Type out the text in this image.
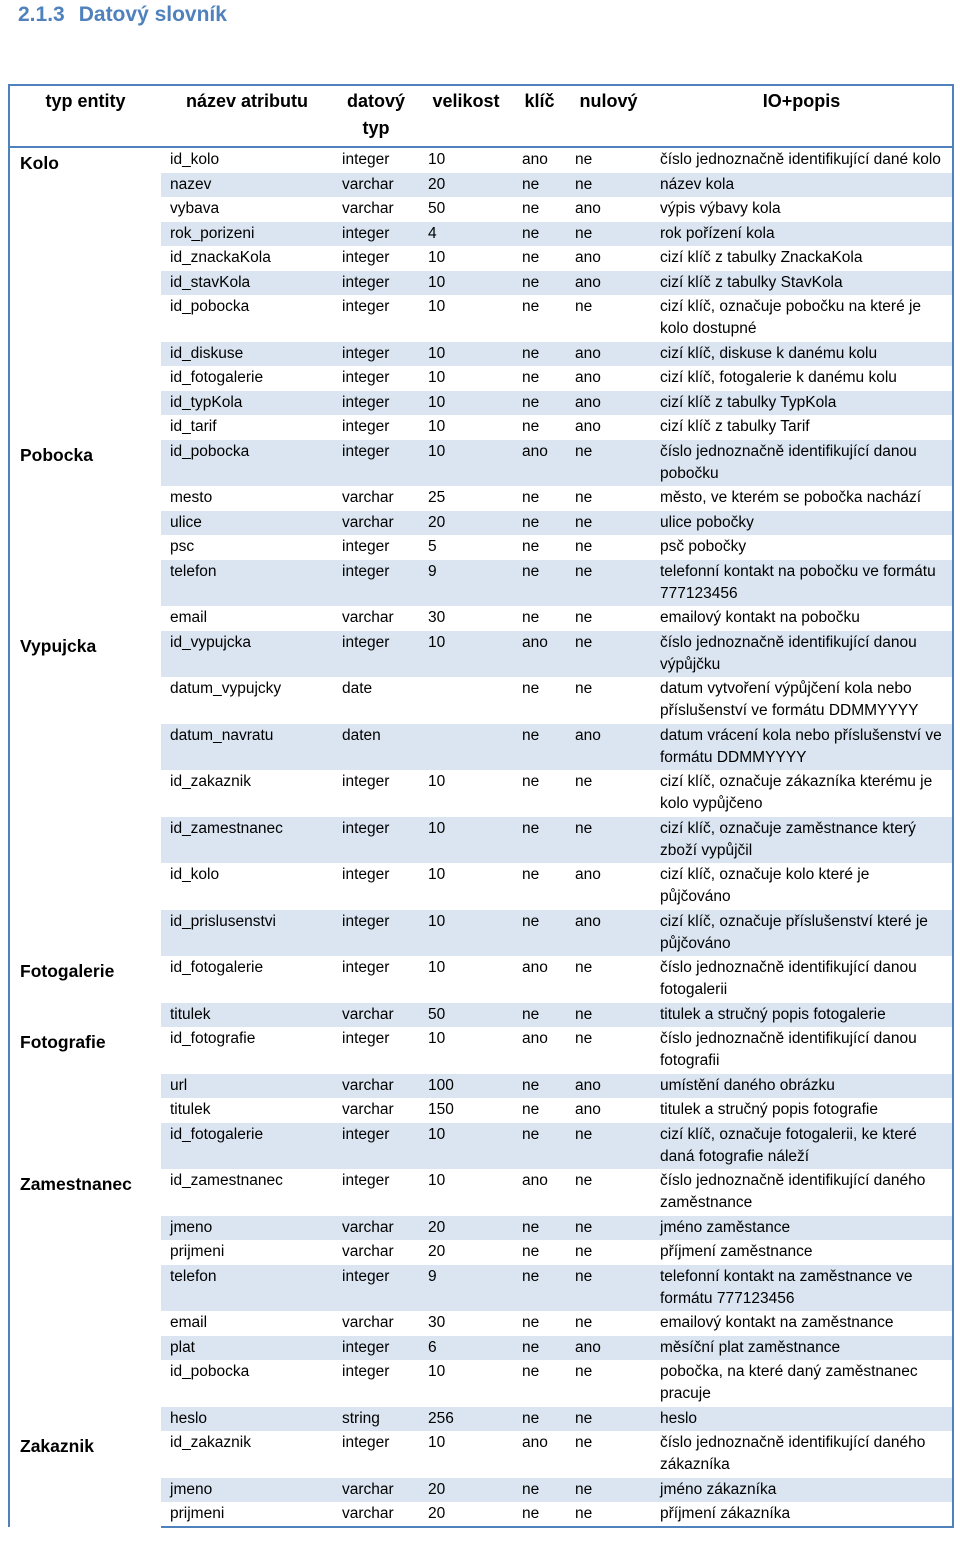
2.1.3 Datový slovník
typ entity	název atributu	datový typ	velikost	klíč	nulový	IO+popis
Kolo	id_kolo	integer	10	ano	ne	číslo jednoznačně identifikující dané kolo
	nazev	varchar	20	ne	ne	název kola
	vybava	varchar	50	ne	ano	výpis výbavy kola
	rok_porizeni	integer	4	ne	ne	rok pořízení kola
	id_znackaKola	integer	10	ne	ano	cizí klíč z tabulky ZnackaKola
	id_stavKola	integer	10	ne	ano	cizí klíč z tabulky StavKola
	id_pobocka	integer	10	ne	ne	cizí klíč, označuje pobočku na které je kolo dostupné
	id_diskuse	integer	10	ne	ano	cizí klíč, diskuse k danému kolu
	id_fotogalerie	integer	10	ne	ano	cizí klíč, fotogalerie k danému kolu
	id_typKola	integer	10	ne	ano	cizí klíč z tabulky TypKola
	id_tarif	integer	10	ne	ano	cizí klíč z tabulky Tarif
Pobocka	id_pobocka	integer	10	ano	ne	číslo jednoznačně identifikující danou pobočku
	mesto	varchar	25	ne	ne	město, ve kterém se pobočka nachází
	ulice	varchar	20	ne	ne	ulice pobočky
	psc	integer	5	ne	ne	psč pobočky
	telefon	integer	9	ne	ne	telefonní kontakt na pobočku ve formátu 777123456
	email	varchar	30	ne	ne	emailový kontakt na pobočku
Vypujcka	id_vypujcka	integer	10	ano	ne	číslo jednoznačně identifikující danou výpůjčku
	datum_vypujcky	date		ne	ne	datum vytvoření výpůjčení kola nebo příslušenství ve formátu DDMMYYYY
	datum_navratu	daten		ne	ano	datum vrácení kola nebo příslušenství ve formátu DDMMYYYY
	id_zakaznik	integer	10	ne	ne	cizí klíč, označuje zákazníka kterému je kolo vypůjčeno
	id_zamestnanec	integer	10	ne	ne	cizí klíč, označuje zaměstnance který zboží vypůjčil
	id_kolo	integer	10	ne	ano	cizí klíč, označuje kolo které je půjčováno
	id_prislusenstvi	integer	10	ne	ano	cizí klíč, označuje příslušenství které je půjčováno
Fotogalerie	id_fotogalerie	integer	10	ano	ne	číslo jednoznačně identifikující danou fotogalerii
	titulek	varchar	50	ne	ne	titulek a stručný popis fotogalerie
Fotografie	id_fotografie	integer	10	ano	ne	číslo jednoznačně identifikující danou fotografii
	url	varchar	100	ne	ano	umístění daného obrázku
	titulek	varchar	150	ne	ano	titulek a stručný popis fotografie
	id_fotogalerie	integer	10	ne	ne	cizí klíč, označuje fotogalerii, ke které daná fotografie náleží
Zamestnanec	id_zamestnanec	integer	10	ano	ne	číslo jednoznačně identifikující daného zaměstnance
	jmeno	varchar	20	ne	ne	jméno zaměstance
	prijmeni	varchar	20	ne	ne	příjmení zaměstnance
	telefon	integer	9	ne	ne	telefonní kontakt na zaměstnance ve formátu 777123456
	email	varchar	30	ne	ne	emailový kontakt na zaměstnance
	plat	integer	6	ne	ano	měsíční plat zaměstnance
	id_pobocka	integer	10	ne	ne	pobočka, na které daný zaměstnanec pracuje
	heslo	string	256	ne	ne	heslo
Zakaznik	id_zakaznik	integer	10	ano	ne	číslo jednoznačně identifikující daného zákazníka
	jmeno	varchar	20	ne	ne	jméno zákazníka
	prijmeni	varchar	20	ne	ne	příjmení zákazníka
